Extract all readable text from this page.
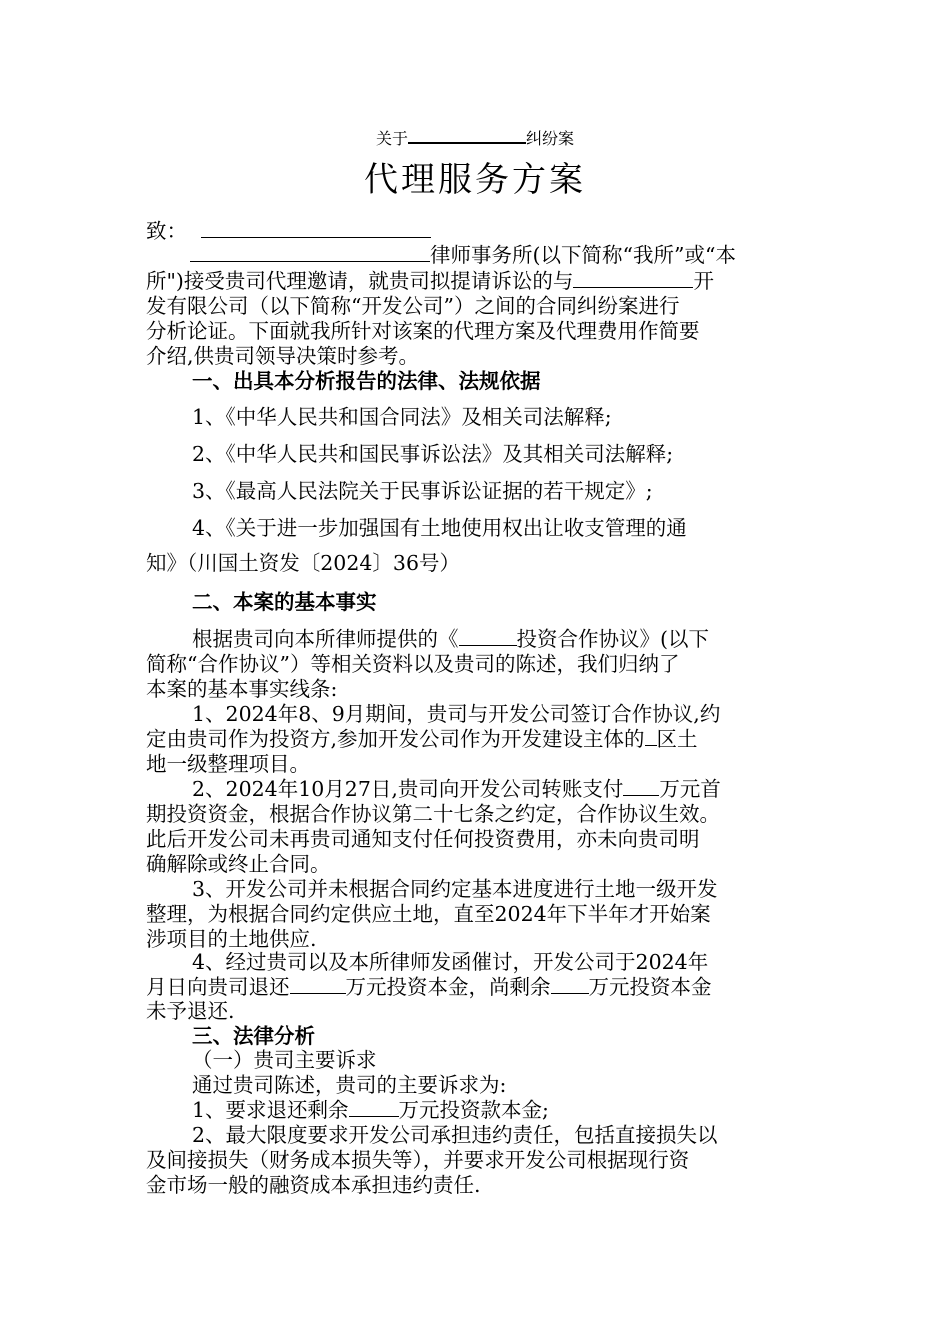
关于	纠纷案
代理服务方案
致：
律师事务所(以下简称“我所”或“本
所")接受贵司代理邀请，就贵司拟提请诉讼的与	开
发有限公司（以下简称“开发公司”）之间的合同纠纷案进行
分析论证。下面就我所针对该案的代理方案及代理费用作简要
介绍,供贵司领导决策时参考。
一、出具本分析报告的法律、法规依据
1、《中华人民共和国合同法》及相关司法解释;
2、《中华人民共和国民事诉讼法》及其相关司法解释;
3、《最高人民法院关于民事诉讼证据的若干规定》;
4、《关于进一步加强国有土地使用权出让收支管理的通
知》（川国土资发〔2024〕36号）
二、本案的基本事实
根据贵司向本所律师提供的《	投资合作协议》(以下
简称“合作协议”）等相关资料以及贵司的陈述，我们归纳了
本案的基本事实线条:
1、2024年8、9月期间，贵司与开发公司签订合作协议,约
定由贵司作为投资方,参加开发公司作为开发建设主体的 区土
地一级整理项目。
2、2024年10月27日,贵司向开发公司转账支付 万元首
期投资资金，根据合作协议第二十七条之约定，合作协议生效。
此后开发公司未再贵司通知支付任何投资费用，亦未向贵司明
确解除或终止合同。
3、开发公司并未根据合同约定基本进度进行土地一级开发
整理，为根据合同约定供应土地，直至2024年下半年才开始案
涉项目的土地供应.
4、经过贵司以及本所律师发函催讨，开发公司于2024年
月日向贵司退还	万元投资本金，尚剩余 万元投资本金
未予退还.
三、法律分析
（一）贵司主要诉求
通过贵司陈述，贵司的主要诉求为:
1、要求退还剩余 万元投资款本金;
2、最大限度要求开发公司承担违约责任，包括直接损失以
及间接损失（财务成本损失等），并要求开发公司根据现行资
金市场一般的融资成本承担违约责任.
